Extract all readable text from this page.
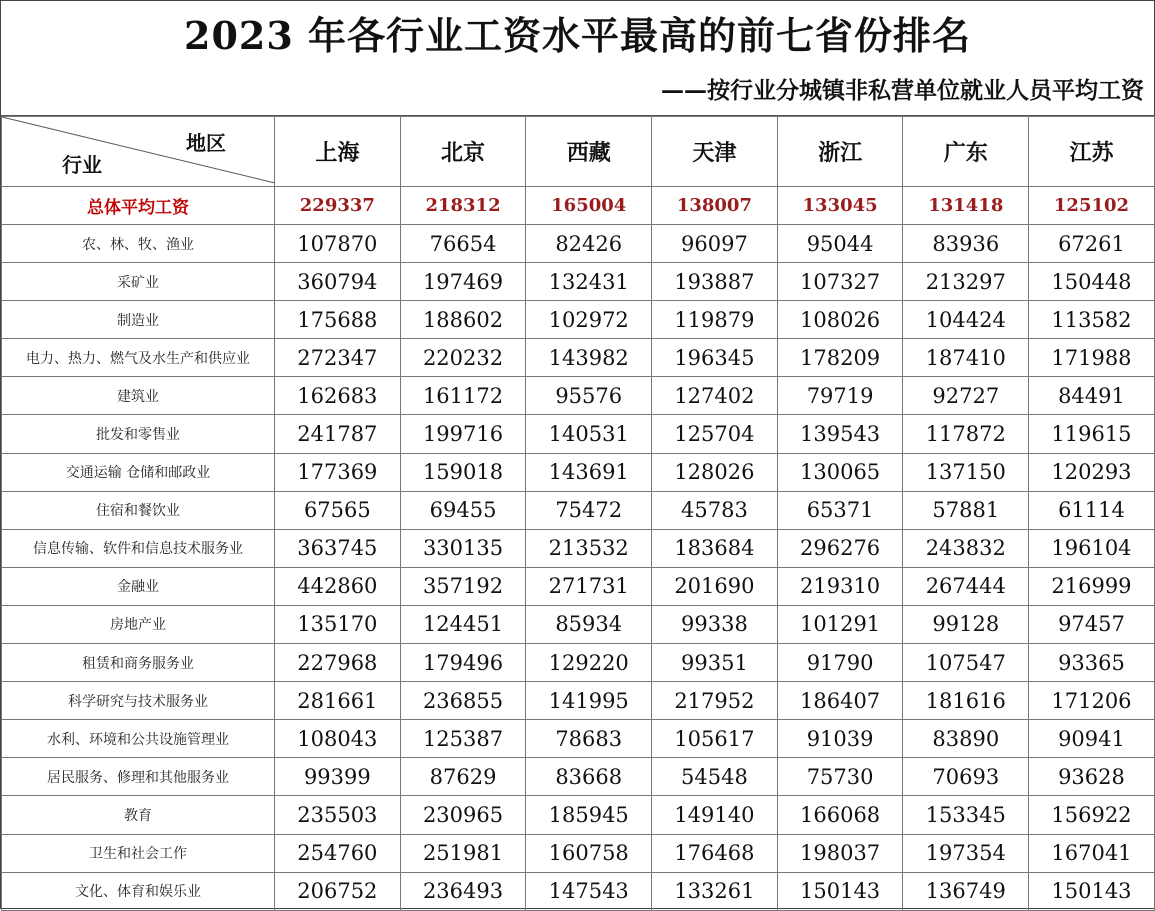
2023 年各行业工资水平最高的前七省份排名
——按行业分城镇非私营单位就业人员平均工资
地区
行业	上海	北京	西藏	天津	浙江	广东	江苏
总体平均工资	229337	218312	165004	138007	133045	131418	125102
农、林、牧、渔业	107870	76654	82426	96097	95044	83936	67261
采矿业	360794	197469	132431	193887	107327	213297	150448
制造业	175688	188602	102972	119879	108026	104424	113582
电力、热力、燃气及水生产和供应业	272347	220232	143982	196345	178209	187410	171988
建筑业	162683	161172	95576	127402	79719	92727	84491
批发和零售业	241787	199716	140531	125704	139543	117872	119615
交通运输 仓储和邮政业	177369	159018	143691	128026	130065	137150	120293
住宿和餐饮业	67565	69455	75472	45783	65371	57881	61114
信息传输、软件和信息技术服务业	363745	330135	213532	183684	296276	243832	196104
金融业	442860	357192	271731	201690	219310	267444	216999
房地产业	135170	124451	85934	99338	101291	99128	97457
租赁和商务服务业	227968	179496	129220	99351	91790	107547	93365
科学研究与技术服务业	281661	236855	141995	217952	186407	181616	171206
水利、环境和公共设施管理业	108043	125387	78683	105617	91039	83890	90941
居民服务、修理和其他服务业	99399	87629	83668	54548	75730	70693	93628
教育	235503	230965	185945	149140	166068	153345	156922
卫生和社会工作	254760	251981	160758	176468	198037	197354	167041
文化、体育和娱乐业	206752	236493	147543	133261	150143	136749	150143
